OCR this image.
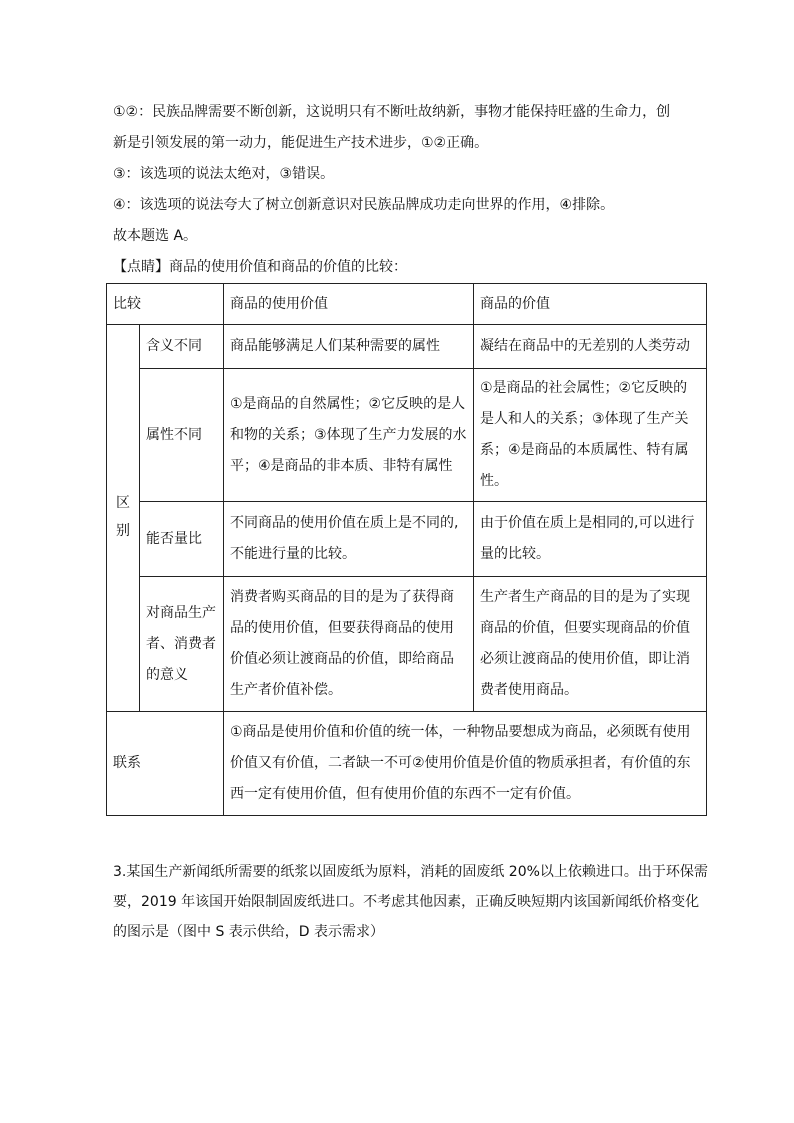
①②：民族品牌需要不断创新，这说明只有不断吐故纳新，事物才能保持旺盛的生命力，创
新是引领发展的第一动力，能促进生产技术进步，①②正确。
③：该选项的说法太绝对，③错误。
④：该选项的说法夸大了树立创新意识对民族品牌成功走向世界的作用，④排除。
故本题选 A。
【点睛】商品的使用价值和商品的价值的比较：
比较		商品的使用价值	商品的价值
区别	含义不同	商品能够满足人们某种需要的属性	凝结在商品中的无差别的人类劳动
	属性不同	①是商品的自然属性；②它反映的是人和物的关系；③体现了生产力发展的水平；④是商品的非本质、非特有属性	①是商品的社会属性；②它反映的是人和人的关系；③体现了生产关系；④是商品的本质属性、特有属性。
	能否量比	不同商品的使用价值在质上是不同的,不能进行量的比较。	由于价值在质上是相同的,可以进行量的比较。
	对商品生产者、消费者的意义	消费者购买商品的目的是为了获得商品的使用价值，但要获得商品的使用价值必须让渡商品的价值，即给商品生产者价值补偿。	生产者生产商品的目的是为了实现商品的价值，但要实现商品的价值必须让渡商品的使用价值，即让消费者使用商品。
联系		①商品是使用价值和价值的统一体，一种物品要想成为商品，必须既有使用价值又有价值，二者缺一不可②使用价值是价值的物质承担者，有价值的东西一定有使用价值，但有使用价值的东西不一定有价值。	
3.某国生产新闻纸所需要的纸浆以固废纸为原料，消耗的固废纸 20%以上依赖进口。出于环保需要，2019 年该国开始限制固废纸进口。不考虑其他因素，正确反映短期内该国新闻纸价格变化的图示是（图中 S 表示供给，D 表示需求）
